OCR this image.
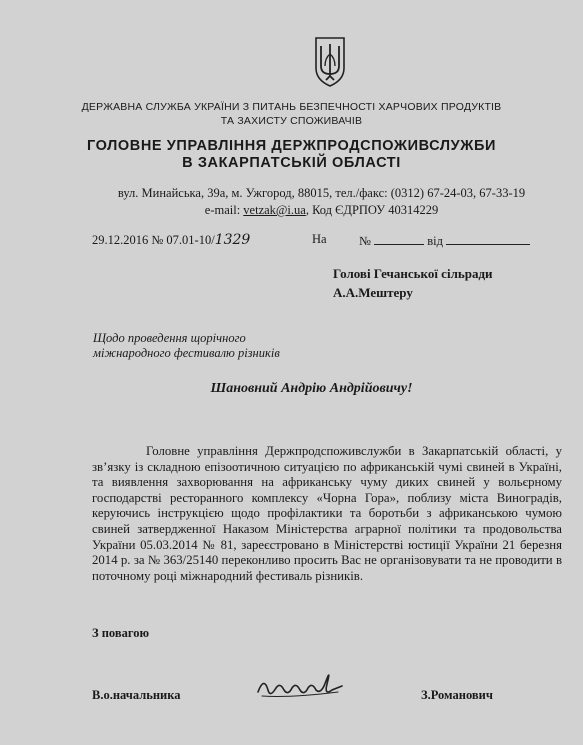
ДЕРЖАВНА СЛУЖБА УКРАЇНИ З ПИТАНЬ БЕЗПЕЧНОСТІ ХАРЧОВИХ ПРОДУКТІВ
ТА ЗАХИСТУ СПОЖИВАЧІВ
ГОЛОВНЕ УПРАВЛІННЯ ДЕРЖПРОДСПОЖИВСЛУЖБИ
В ЗАКАРПАТСЬКІЙ ОБЛАСТІ
вул. Минайська, 39а, м. Ужгород, 88015, тел./факс: (0312) 67-24-03, 67-33-19
e-mail: vetzak@i.ua, Код ЄДРПОУ 40314229
29.12.2016 № 07.01-10/1329	На	№	від
Голові Гечанської сільради
А.А.Мештеру
Щодо проведення щорічного
міжнародного фестивалю різників
Шановний Андрію Андрійовичу!

Головне управління Держпродспоживслужби в Закарпатській області, у зв’язку із складною епізоотичною ситуацією по африканській чумі свиней в Україні, та виявлення захворювання на африканську чуму диких свиней у вольєрному господарстві ресторанного комплексу «Чорна Гора», поблизу міста Виноградів, керуючись інструкцією щодо профілактики та боротьби з африканською чумою свиней затвердженної Наказом Міністерства аграрної політики та продовольства України 05.03.2014 № 81, зареєстровано в Міністерстві юстиції України 21 березня 2014 р. за № 363/25140 переконливо просить Вас не організовувати та не проводити в поточному році міжнародний фестиваль різників.

З повагою
В.о.начальника	З.Романович
